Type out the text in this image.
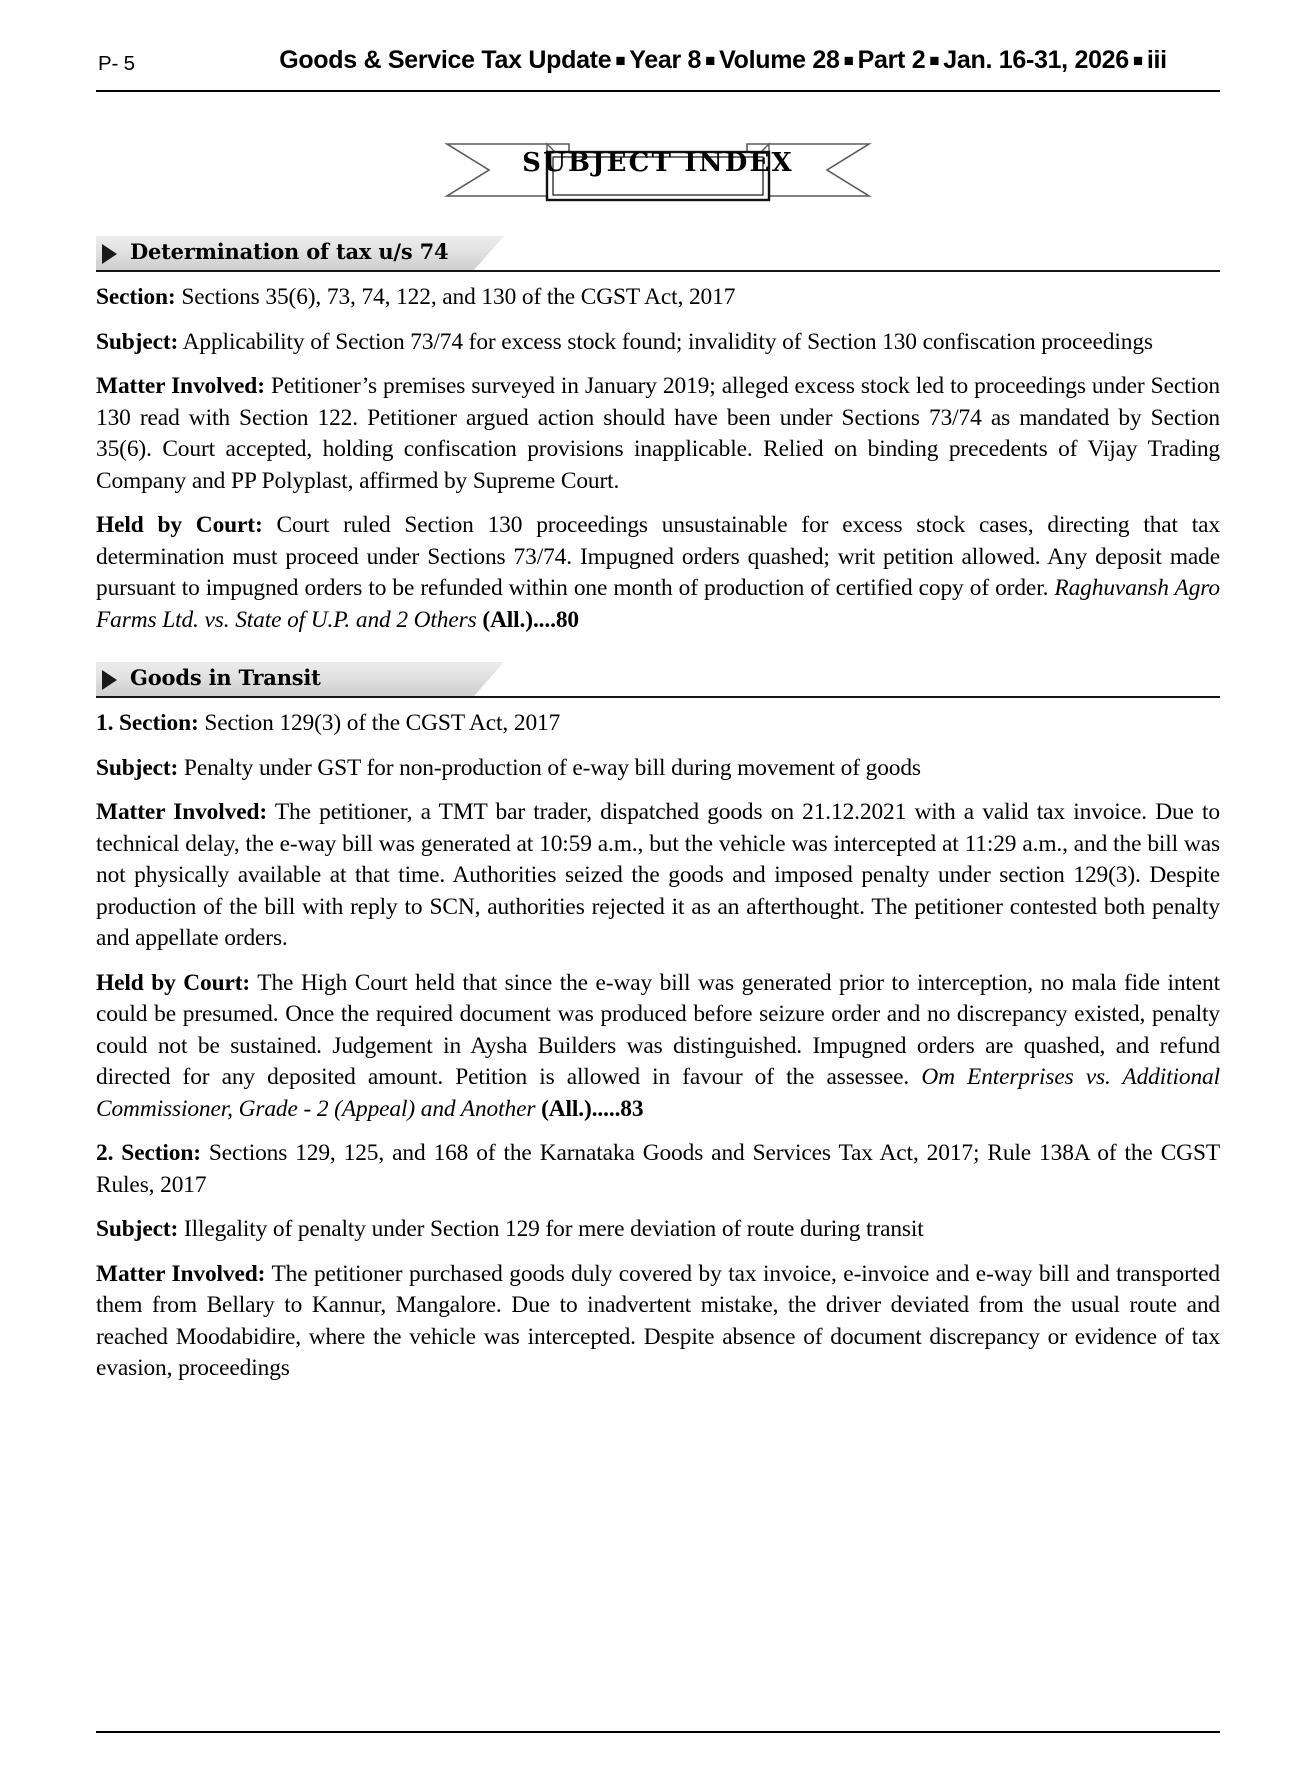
P- 5	Goods & Service Tax Update ■ Year 8 ■ Volume 28 ■ Part 2 ■ Jan. 16-31, 2026 ■ iii
SUBJECT INDEX
Determination of tax u/s 74

Section: Sections 35(6), 73, 74, 122, and 130 of the CGST Act, 2017

Subject: Applicability of Section 73/74 for excess stock found; invalidity of Section 130 confiscation proceedings

Matter Involved: Petitioner’s premises surveyed in January 2019; alleged excess stock led to proceedings under Section 130 read with Section 122. Petitioner argued action should have been under Sections 73/74 as mandated by Section 35(6). Court accepted, holding confiscation provisions inapplicable. Relied on binding precedents of Vijay Trading Company and PP Polyplast, affirmed by Supreme Court.

Held by Court: Court ruled Section 130 proceedings unsustainable for excess stock cases, directing that tax determination must proceed under Sections 73/74. Impugned orders quashed; writ petition allowed. Any deposit made pursuant to impugned orders to be refunded within one month of production of certified copy of order. Raghuvansh Agro Farms Ltd. vs. State of U.P. and 2 Others (All.)....80

Goods in Transit

1. Section: Section 129(3) of the CGST Act, 2017

Subject: Penalty under GST for non-production of e-way bill during movement of goods

Matter Involved: The petitioner, a TMT bar trader, dispatched goods on 21.12.2021 with a valid tax invoice. Due to technical delay, the e-way bill was generated at 10:59 a.m., but the vehicle was intercepted at 11:29 a.m., and the bill was not physically available at that time. Authorities seized the goods and imposed penalty under section 129(3). Despite production of the bill with reply to SCN, authorities rejected it as an afterthought. The petitioner contested both penalty and appellate orders.

Held by Court: The High Court held that since the e-way bill was generated prior to interception, no mala fide intent could be presumed. Once the required document was produced before seizure order and no discrepancy existed, penalty could not be sustained. Judgement in Aysha Builders was distinguished. Impugned orders are quashed, and refund directed for any deposited amount. Petition is allowed in favour of the assessee. Om Enterprises vs. Additional Commissioner, Grade - 2 (Appeal) and Another (All.).....83

2. Section: Sections 129, 125, and 168 of the Karnataka Goods and Services Tax Act, 2017; Rule 138A of the CGST Rules, 2017

Subject: Illegality of penalty under Section 129 for mere deviation of route during transit

Matter Involved: The petitioner purchased goods duly covered by tax invoice, e-invoice and e-way bill and transported them from Bellary to Kannur, Mangalore. Due to inadvertent mistake, the driver deviated from the usual route and reached Moodabidire, where the vehicle was intercepted. Despite absence of document discrepancy or evidence of tax evasion, proceedings
